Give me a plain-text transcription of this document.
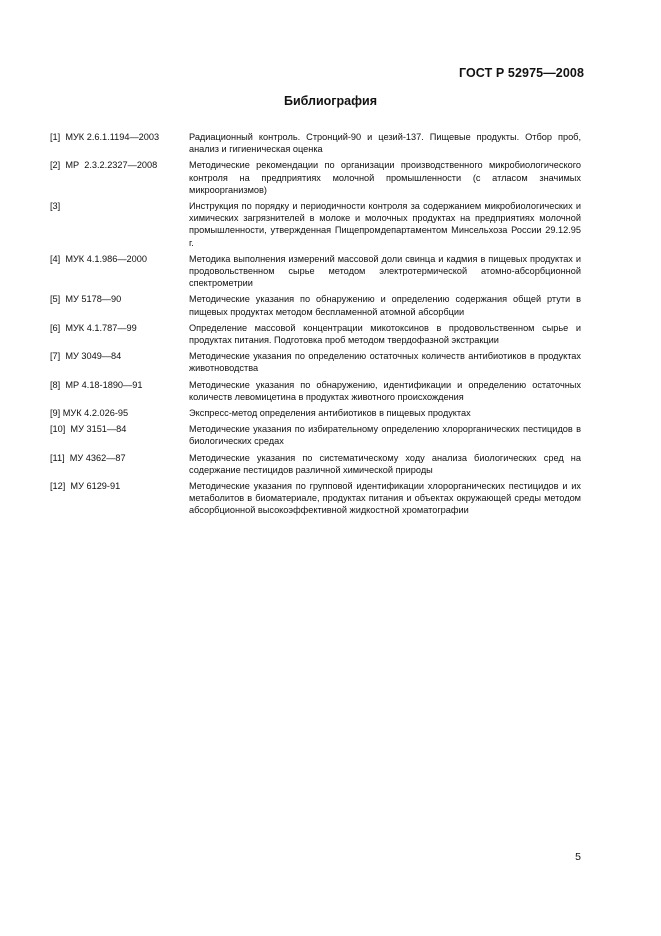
ГОСТ Р 52975—2008
Библиография
[1]  МУК 2.6.1.1194—2003	Радиационный контроль. Стронций-90 и цезий-137. Пищевые продукты. Отбор проб, анализ и гигиеническая оценка
[2]  МР  2.3.2.2327—2008	Методические рекомендации по организации производственного микробиологического контроля на предприятиях молочной промышленности (с атласом значимых микроорганизмов)
[3]	Инструкция по порядку и периодичности контроля за содержанием микробиологических и химических загрязнителей в молоке и молочных продуктах на предприятиях молочной промышленности, утвержденная Пищепромдепартаментом Минсельхоза России 29.12.95 г.
[4]  МУК 4.1.986—2000	Методика выполнения измерений массовой доли свинца и кадмия в пищевых продуктах и продовольственном сырье методом электротермической атомно-абсорбционной спектрометрии
[5]  МУ 5178—90	Методические указания по обнаружению и определению содержания общей ртути в пищевых продуктах методом беспламенной атомной абсорбции
[6]  МУК 4.1.787—99	Определение массовой концентрации микотоксинов в продовольственном сырье и продуктах питания. Подготовка проб методом твердофазной экстракции
[7]  МУ 3049—84	Методические указания по определению остаточных количеств антибиотиков в продуктах животноводства
[8]  МР 4.18-1890—91	Методические указания по обнаружению, идентификации и определению остаточных количеств левомицетина в продуктах животного происхождения
[9] МУК 4.2.026-95	Экспресс-метод определения антибиотиков в пищевых продуктах
[10]  МУ 3151—84	Методические указания по избирательному определению хлорорганических пестицидов в биологических средах
[11]  МУ 4362—87	Методические указания по систематическому ходу анализа биологических сред на содержание пестицидов различной химической природы
[12]  МУ 6129-91	Методические указания по групповой идентификации хлорорганических пестицидов и их метаболитов в биоматериале, продуктах питания и объектах окружающей среды методом абсорбционной высокоэффективной жидкостной хроматографии
5
